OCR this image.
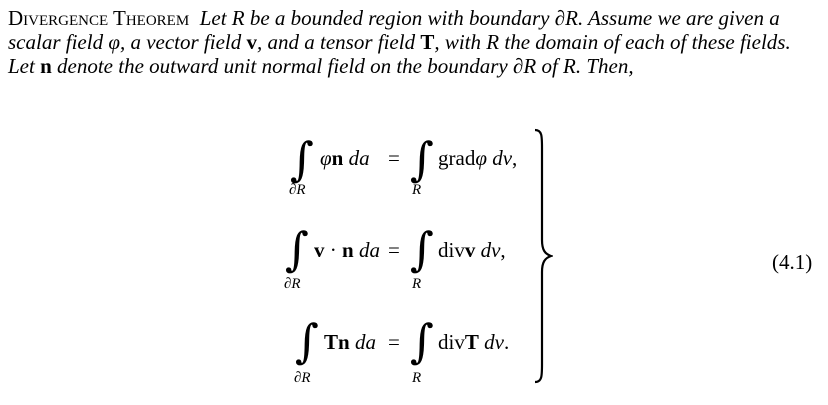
Divergence Theorem Let R be a bounded region with boundary ∂R. Assume we are given a scalar field φ, a vector field v, and a tensor field T, with R the domain of each of these fields. Let n denote the outward unit normal field on the boundary ∂R of R. Then,
∫
∂R
φn da = ∫
R
gradφ dv,
∫
∂R
v · n da = ∫
R
divv dv,
∫
∂R
Tn da = ∫
R
divT dv.
(4.1)
